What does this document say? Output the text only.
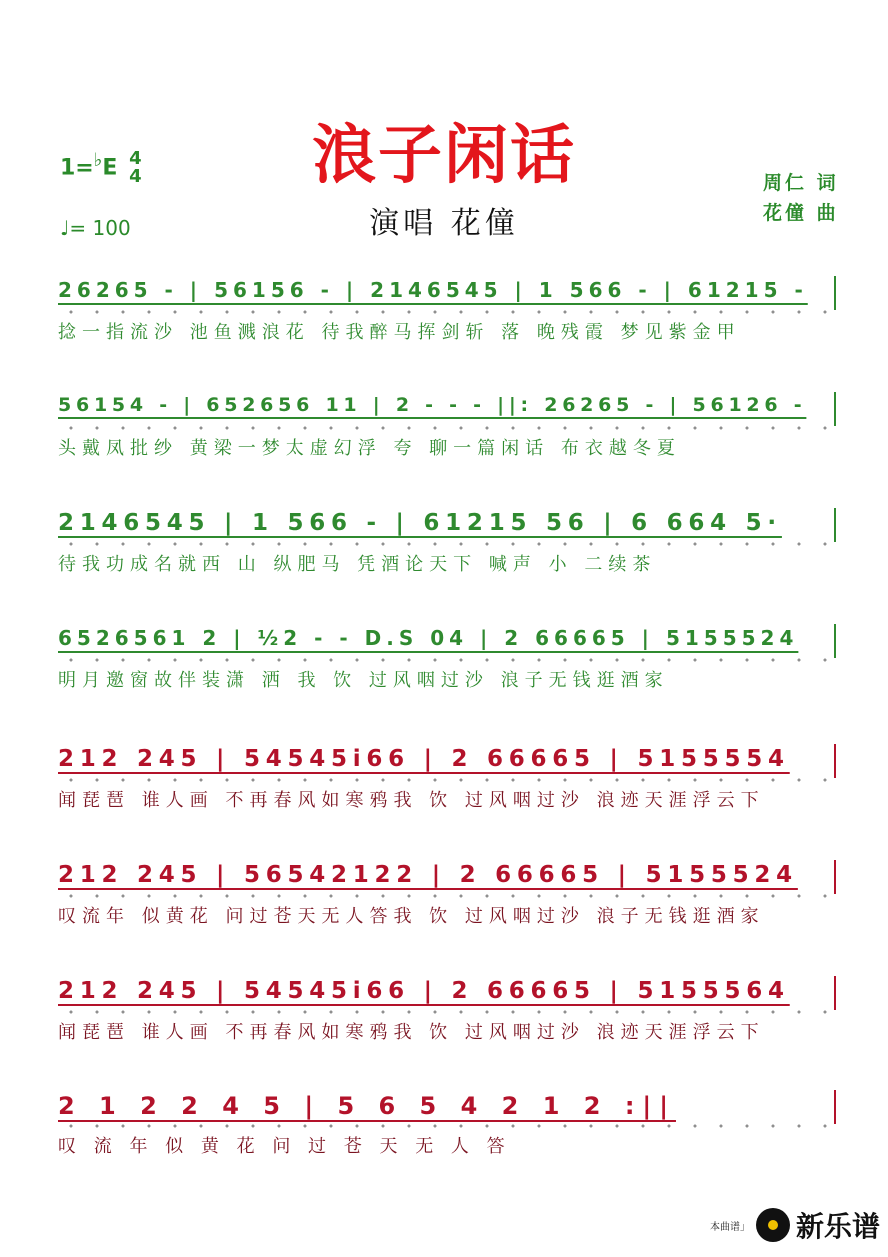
浪子闲话
演唱 花僮
1=♭E 4
4
♩= 100
周仁 词
花僮 曲
26265 - | 56156 - | 2146545 | 1 566 - | 61215 -
捻一指流沙 池鱼溅浪花 待我醉马挥剑斩 落 晚残霞 梦见紫金甲
56154 - | 652656 11 | 2 - - - ||: 26265 - | 56126 -
头戴凤批纱 黄梁一梦太虚幻浮 夸 聊一篇闲话 布衣越冬夏
2146545 | 1 566 - | 61215 56 | 6 664 5·
待我功成名就西 山 纵肥马 凭酒论天下 喊声 小 二续茶
6526561 2 | ½2 - - D.S 04 | 2 66665 | 5155524
明月邀窗故伴装潇 洒 我 饮 过风咽过沙 浪子无钱逛酒家
212 245 | 54545i66 | 2 66665 | 5155554
闻琵琶 谁人画 不再春风如寒鸦我 饮 过风咽过沙 浪迹天涯浮云下
212 245 | 56542122 | 2 66665 | 5155524
叹流年 似黄花 问过苍天无人答我 饮 过风咽过沙 浪子无钱逛酒家
212 245 | 54545i66 | 2 66665 | 5155564
闻琵琶 谁人画 不再春风如寒鸦我 饮 过风咽过沙 浪迹天涯浮云下
2 1 2 2 4 5 | 5 6 5 4 2 1 2 :||
叹 流 年 似 黄 花 问 过 苍 天 无 人 答
本曲谱」 新乐谱
